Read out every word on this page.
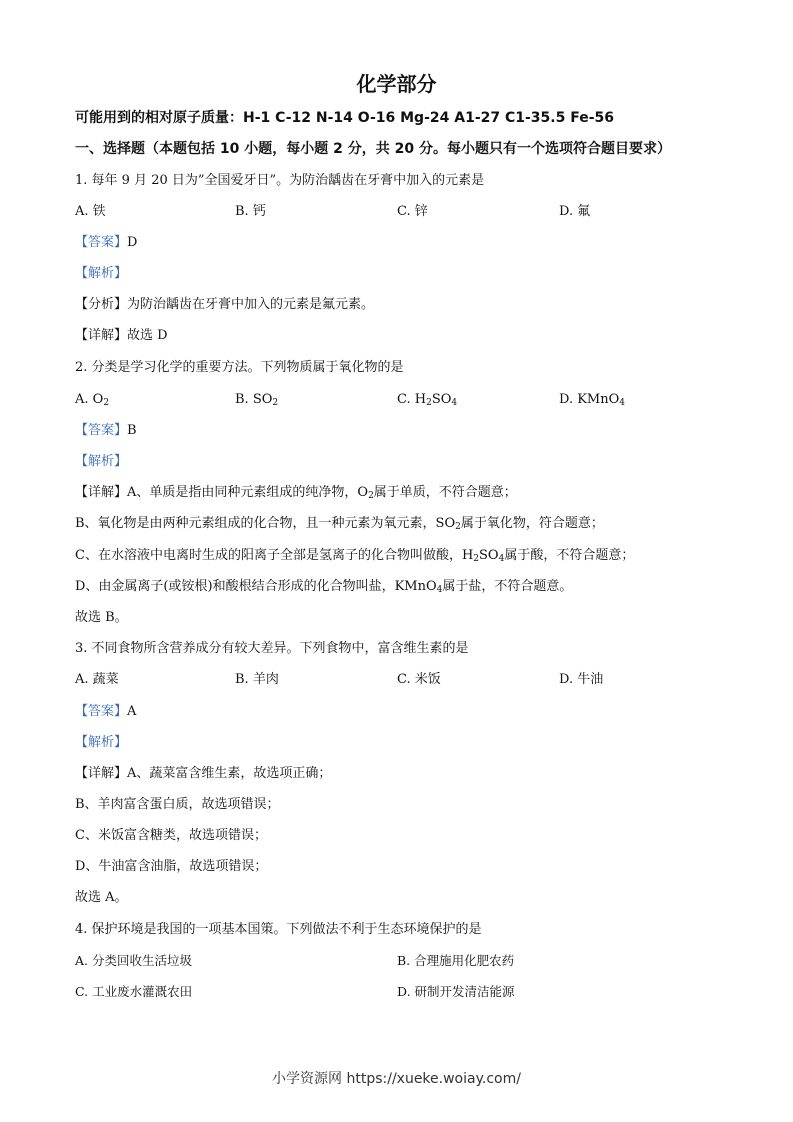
化学部分
可能用到的相对原子质量：H-1 C-12 N-14 O-16 Mg-24 A1-27 C1-35.5 Fe-56
一、选择题（本题包括 10 小题，每小题 2 分，共 20 分。每小题只有一个选项符合题目要求）
1. 每年 9 月 20 日为”全国爱牙日”。为防治龋齿在牙膏中加入的元素是
A. 铁	B. 钙	C. 锌	D. 氟
【答案】D
【解析】
【分析】为防治龋齿在牙膏中加入的元素是氟元素。
【详解】故选 D
2. 分类是学习化学的重要方法。下列物质属于氧化物的是
A. $O_2$	B. $SO_2$	C. $H_2SO_4$	D. KMnO$_4$
【答案】B
【解析】
【详解】A、单质是指由同种元素组成的纯净物，$O_2$属于单质，不符合题意；
B、氧化物是由两种元素组成的化合物，且一种元素为氧元素，$SO_2$属于氧化物，符合题意；
C、在水溶液中电离时生成的阳离子全部是氢离子的化合物叫做酸，$H_2SO_4$属于酸，不符合题意；
D、由金属离子(或铵根)和酸根结合形成的化合物叫盐，KMnO$_4$属于盐，不符合题意。
故选 B。
3. 不同食物所含营养成分有较大差异。下列食物中，富含维生素的是
A. 蔬菜	B. 羊肉	C. 米饭	D. 牛油
【答案】A
【解析】
【详解】A、蔬菜富含维生素，故选项正确；
B、羊肉富含蛋白质，故选项错误；
C、米饭富含糖类，故选项错误；
D、牛油富含油脂，故选项错误；
故选 A。
4. 保护环境是我国的一项基本国策。下列做法不利于生态环境保护的是
A. 分类回收生活垃圾	B. 合理施用化肥农药
C. 工业废水灌溉农田	D. 研制开发清洁能源
小学资源网 https://xueke.woiay.com/
